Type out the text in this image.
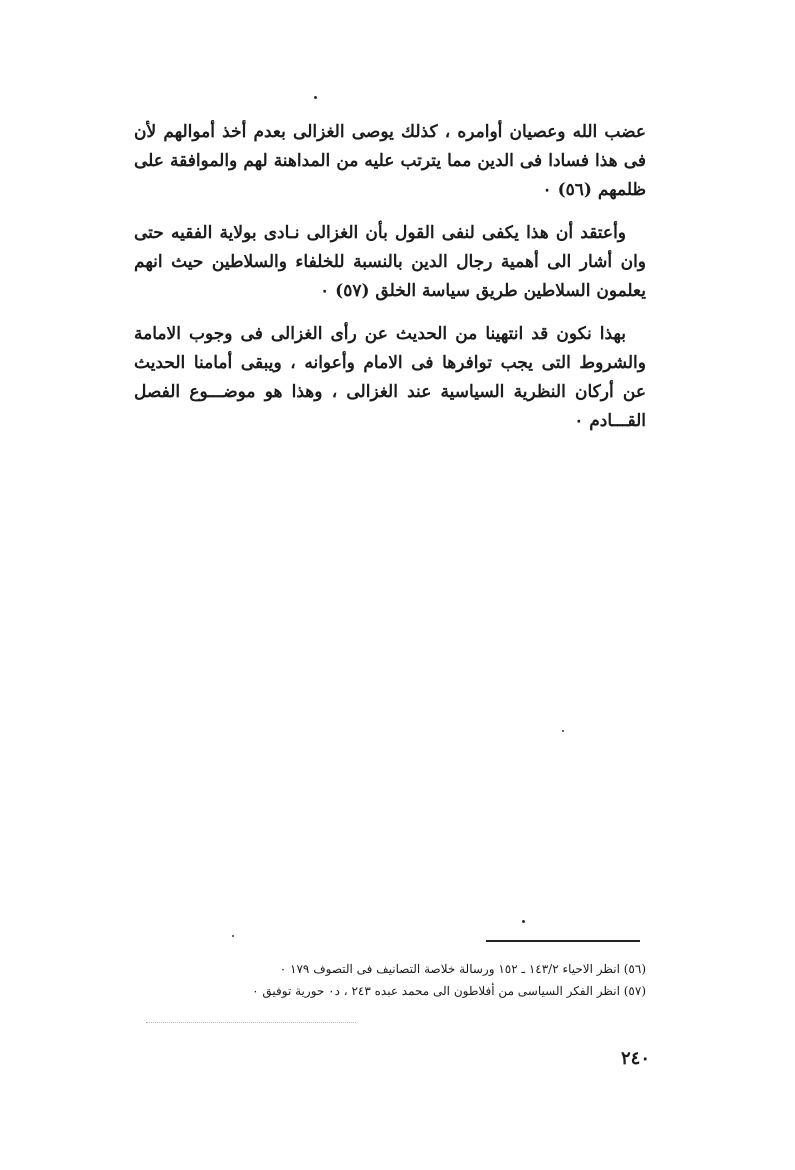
عضب الله وعصيان أوامره ، كذلك يوصى الغزالى بعدم أخذ أموالهم لأن فى هذا فسادا فى الدين مما يترتب عليه من المداهنة لهم والموافقة على ظلمهم (٥٦) ٠

وأعتقد أن هذا يكفى لنفى القول بأن الغزالى نـادى بولاية الفقيه حتى وان أشار الى أهمية رجال الدين بالنسبة للخلفاء والسلاطين حيث انهم يعلمون السلاطين طريق سياسة الخلق (٥٧) ٠

بهذا نكون قد انتهينا من الحديث عن رأى الغزالى فى وجوب الامامة والشروط التى يجب توافرها فى الامام وأعوانه ، ويبقى أمامنا الحديث عن أركان النظرية السياسية عند الغزالى ، وهذا هو موضـــوع الفصل القـــادم ٠

(٥٦) انظر الاحياء ١٤٣/٢ ـ ١٥٢ ورسالة خلاصة التصانيف فى التصوف ١٧٩ ٠

(٥٧) انظر الفكر السياسى من أفلاطون الى محمد عبده ٢٤٣ ، د٠ حورية توفيق ٠

٢٤٠
